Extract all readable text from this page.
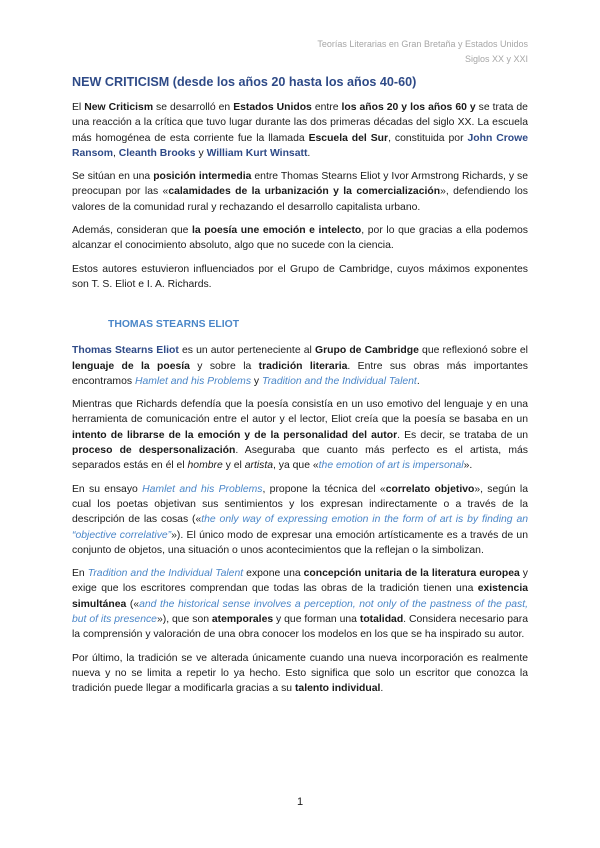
Teorías Literarias en Gran Bretaña y Estados Unidos
Siglos XX y XXI
NEW CRITICISM (desde los años 20 hasta los años 40-60)

El New Criticism se desarrolló en Estados Unidos entre los años 20 y los años 60 y se trata de una reacción a la crítica que tuvo lugar durante las dos primeras décadas del siglo XX. La escuela más homogénea de esta corriente fue la llamada Escuela del Sur, constituida por John Crowe Ransom, Cleanth Brooks y William Kurt Winsatt.

Se sitúan en una posición intermedia entre Thomas Stearns Eliot y Ivor Armstrong Richards, y se preocupan por las «calamidades de la urbanización y la comercialización», defendiendo los valores de la comunidad rural y rechazando el desarrollo capitalista urbano.

Además, consideran que la poesía une emoción e intelecto, por lo que gracias a ella podemos alcanzar el conocimiento absoluto, algo que no sucede con la ciencia.

Estos autores estuvieron influenciados por el Grupo de Cambridge, cuyos máximos exponentes son T. S. Eliot e I. A. Richards.

THOMAS STEARNS ELIOT

Thomas Stearns Eliot es un autor perteneciente al Grupo de Cambridge que reflexionó sobre el lenguaje de la poesía y sobre la tradición literaria. Entre sus obras más importantes encontramos Hamlet and his Problems y Tradition and the Individual Talent.

Mientras que Richards defendía que la poesía consistía en un uso emotivo del lenguaje y en una herramienta de comunicación entre el autor y el lector, Eliot creía que la poesía se basaba en un intento de librarse de la emoción y de la personalidad del autor. Es decir, se trataba de un proceso de despersonalización. Aseguraba que cuanto más perfecto es el artista, más separados estás en él el hombre y el artista, ya que «the emotion of art is impersonal».

En su ensayo Hamlet and his Problems, propone la técnica del «correlato objetivo», según la cual los poetas objetivan sus sentimientos y los expresan indirectamente o a través de la descripción de las cosas («the only way of expressing emotion in the form of art is by finding an “objective correlative”»). El único modo de expresar una emoción artísticamente es a través de un conjunto de objetos, una situación o unos acontecimientos que la reflejan o la simbolizan.

En Tradition and the Individual Talent expone una concepción unitaria de la literatura europea y exige que los escritores comprendan que todas las obras de la tradición tienen una existencia simultánea («and the historical sense involves a perception, not only of the pastness of the past, but of its presence»), que son atemporales y que forman una totalidad. Considera necesario para la comprensión y valoración de una obra conocer los modelos en los que se ha inspirado su autor.

Por último, la tradición se ve alterada únicamente cuando una nueva incorporación es realmente nueva y no se limita a repetir lo ya hecho. Esto significa que solo un escritor que conozca la tradición puede llegar a modificarla gracias a su talento individual.

1
